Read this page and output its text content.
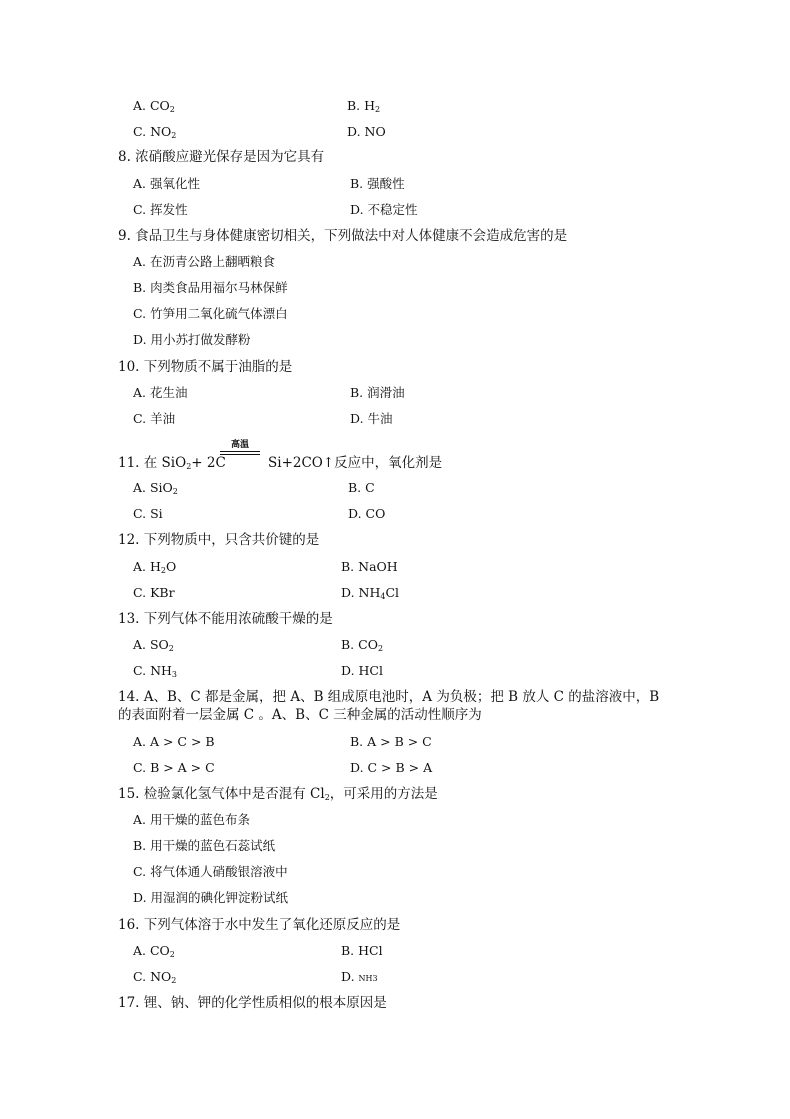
A. $CO_2$	B. $H_2$
C. $NO_2$	D. NO
8. 浓硝酸应避光保存是因为它具有
A. 强氧化性	B. 强酸性
C. 挥发性	D. 不稳定性
9. 食品卫生与身体健康密切相关，下列做法中对人体健康不会造成危害的是
A. 在沥青公路上翻晒粮食
B. 肉类食品用福尔马林保鲜
C. 竹笋用二氧化硫气体漂白
D. 用小苏打做发酵粉
10. 下列物质不属于油脂的是
A. 花生油	B. 润滑油
C. 羊油	D. 牛油
高温
11. 在 SiO$_2$+ 2C	Si+2CO↑反应中，氧化剂是
A. SiO$_2$	B. C
C. Si	D. CO
12. 下列物质中，只含共价键的是
A. $H_2O$	B. NaOH
C. KBr	D. $NH_4Cl$
13. 下列气体不能用浓硫酸干燥的是
A. $SO_2$	B. $CO_2$
C. $NH_3$	D. HCl
14. A、B、C 都是金属，把 A、B 组成原电池时，A 为负极；把 B 放人 C 的盐溶液中，B
的表面附着一层金属 C 。A、B、C 三种金属的活动性顺序为
A. A > C > B	B. A > B > C
C. B > A > C	D. C > B > A
15. 检验氯化氢气体中是否混有 $Cl_2$，可采用的方法是
A. 用干燥的蓝色布条
B. 用干燥的蓝色石蕊试纸
C. 将气体通人硝酸银溶液中
D. 用湿润的碘化钾淀粉试纸
16. 下列气体溶于水中发生了氧化还原反应的是
A. $CO_2$	B. HCl
C. $NO_2$	D. NH3
17. 锂、钠、钾的化学性质相似的根本原因是
